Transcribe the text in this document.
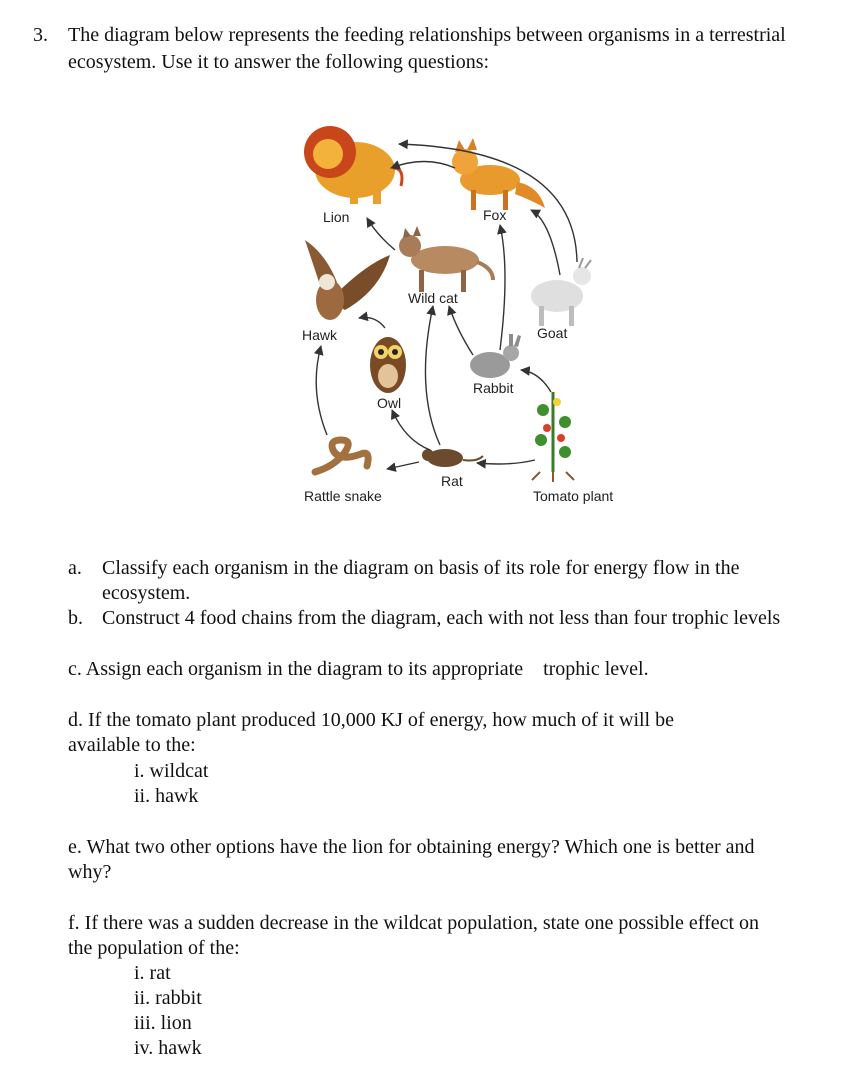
3. The diagram below represents the feeding relationships between organisms in a terrestrial
ecosystem. Use it to answer the following questions:
Lion	Fox
Wild cat
Hawk	Goat
Owl
Rabbit
Rat
Rattle snake	Tomato plant
a. Classify each organism in the diagram on basis of its role for energy flow in the
ecosystem.
b. Construct 4 food chains from the diagram, each with not less than four trophic levels
c. Assign each organism in the diagram to its appropriate    trophic level.
d. If the tomato plant produced 10,000 KJ of energy, how much of it will be
available to the:
i. wildcat
ii. hawk
e. What two other options have the lion for obtaining energy? Which one is better and
why?
f. If there was a sudden decrease in the wildcat population, state one possible effect on
the population of the:
i. rat
ii. rabbit
iii. lion
iv. hawk
